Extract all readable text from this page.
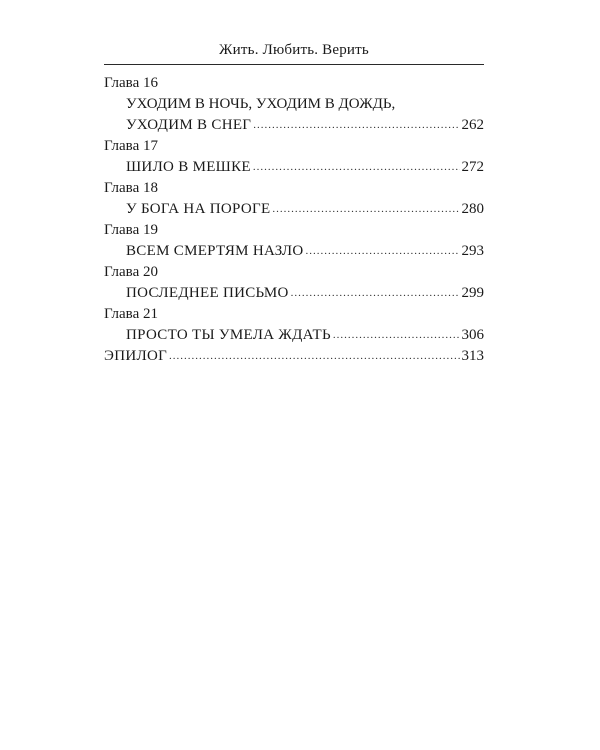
Жить. Любить. Верить
Глава 16
УХОДИМ В НОЧЬ, УХОДИМ В ДОЖДЬ,
УХОДИМ В СНЕГ .....	262
Глава 17
ШИЛО В МЕШКЕ .....	272
Глава 18
У БОГА НА ПОРОГЕ .....	280
Глава 19
ВСЕМ СМЕРТЯМ НАЗЛО .....	293
Глава 20
ПОСЛЕДНЕЕ ПИСЬМО .....	299
Глава 21
ПРОСТО ТЫ УМЕЛА ЖДАТЬ .....	306
ЭПИЛОГ .....	313
